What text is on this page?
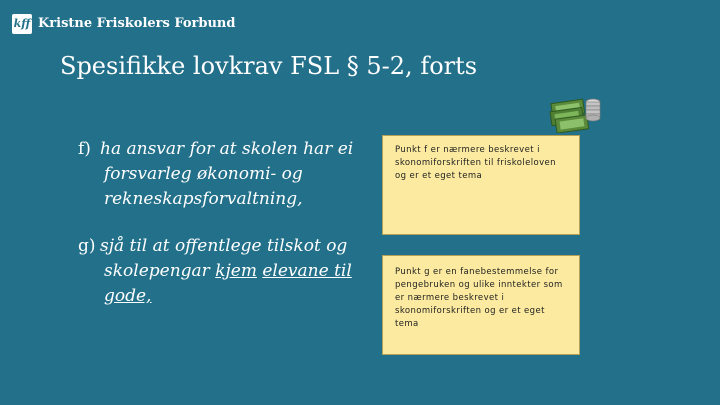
kff Kristne Friskolers Forbund
Spesifikke lovkrav FSL § 5-2, forts
f) ha ansvar for at skolen har ei forsvarleg økonomi- og rekneskapsforvaltning,
g) sjå til at offentlege tilskot og skolepengar kjem elevane til gode,
Punkt f er nærmere beskrevet i skonomiforskriften til friskoleloven og er et eget tema
Punkt g er en fanebestemmelse for pengebruken og ulike inntekter som er nærmere beskrevet i skonomiforskriften og er et eget tema
